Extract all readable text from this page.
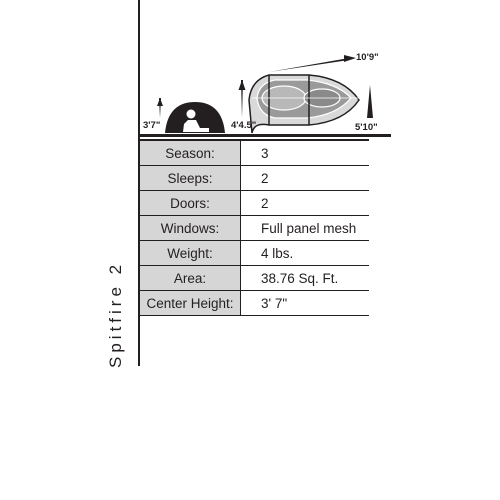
Spitfire 2
3'7"	4'4.5"
10'9"
5'10"
Season:	3
Sleeps:	2
Doors:	2
Windows:	Full panel mesh
Weight:	4 lbs.
Area:	38.76 Sq. Ft.
Center Height:	3' 7"
